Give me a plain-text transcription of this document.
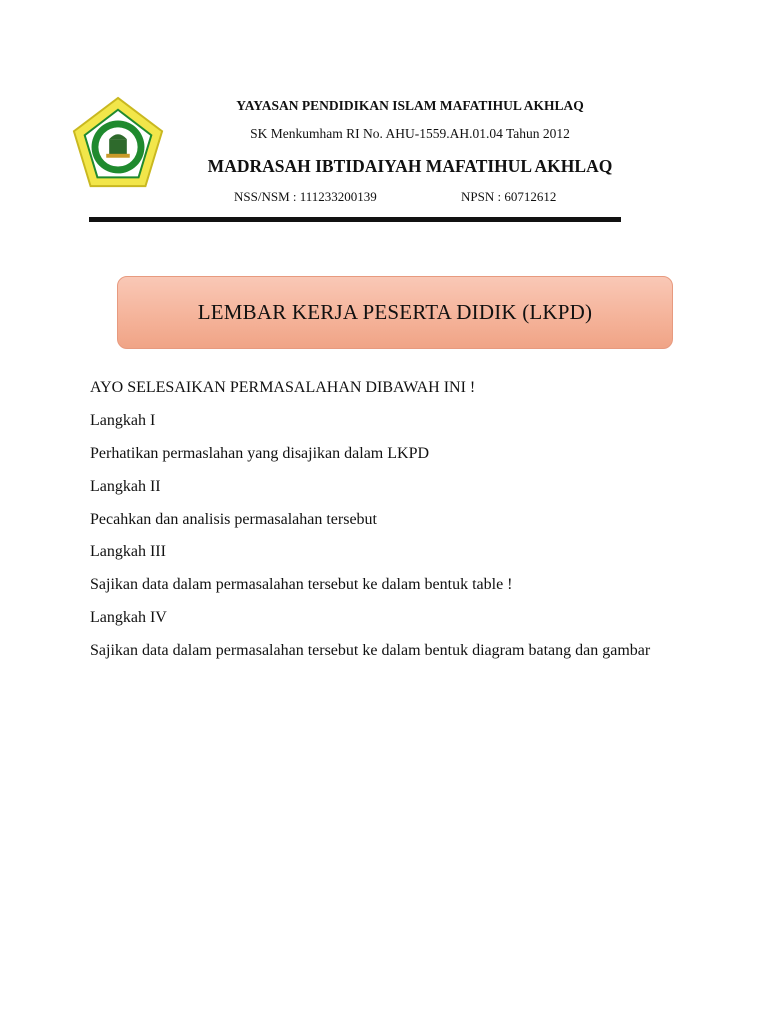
MI
YAYASAN PENDIDIKAN ISLAM MAFATIHUL AKHLAQ
SK Menkumham RI No. AHU-1559.AH.01.04 Tahun 2012
MADRASAH IBTIDAIYAH MAFATIHUL AKHLAQ
NSS/NSM : 111233200139	NPSN : 60712612
LEMBAR KERJA PESERTA DIDIK (LKPD)
AYO SELESAIKAN PERMASALAHAN DIBAWAH INI !
Langkah I
Perhatikan permaslahan yang disajikan dalam LKPD
Langkah II
Pecahkan dan analisis permasalahan tersebut
Langkah III
Sajikan data dalam permasalahan tersebut ke dalam bentuk table !
Langkah IV
Sajikan data dalam permasalahan tersebut ke dalam bentuk diagram batang dan gambar
